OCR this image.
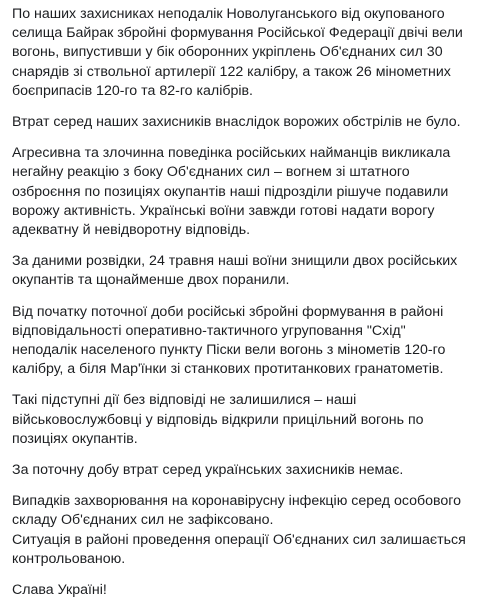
По наших захисниках неподалік Новолуганського від окупованого
селища Байрак збройні формування Російської Федерації двічі вели
вогонь, випустивши у бік оборонних укріплень Об'єднаних сил 30
снарядів зі ствольної артилерії 122 калібру, а також 26 мінометних
боєприпасів 120-го та 82-го калібрів.

Втрат серед наших захисників внаслідок ворожих обстрілів не було.

Агресивна та злочинна поведінка російських найманців викликала
негайну реакцію з боку Об'єднаних сил – вогнем зі штатного
озброєння по позиціях окупантів наші підрозділи рішуче подавили
ворожу активність. Українські воїни завжди готові надати ворогу
адекватну й невідворотну відповідь.

За даними розвідки, 24 травня наші воїни знищили двох російських
окупантів та щонайменше двох поранили.

Від початку поточної доби російські збройні формування в районі
відповідальності оперативно-тактичного угруповання "Схід"
неподалік населеного пункту Піски вели вогонь з мінометів 120-го
калібру, а біля Мар'їнки зі станкових протитанкових гранатометів.

Такі підступні дії без відповіді не залишилися – наші
військовослужбовці у відповідь відкрили прицільний вогонь по
позиціях окупантів.

За поточну добу втрат серед українських захисників немає.

Випадків захворювання на коронавірусну інфекцію серед особового
складу Об'єднаних сил не зафіксовано.
Ситуація в районі проведення операції Об'єднаних сил залишається
контрольованою.

Слава Україні!
